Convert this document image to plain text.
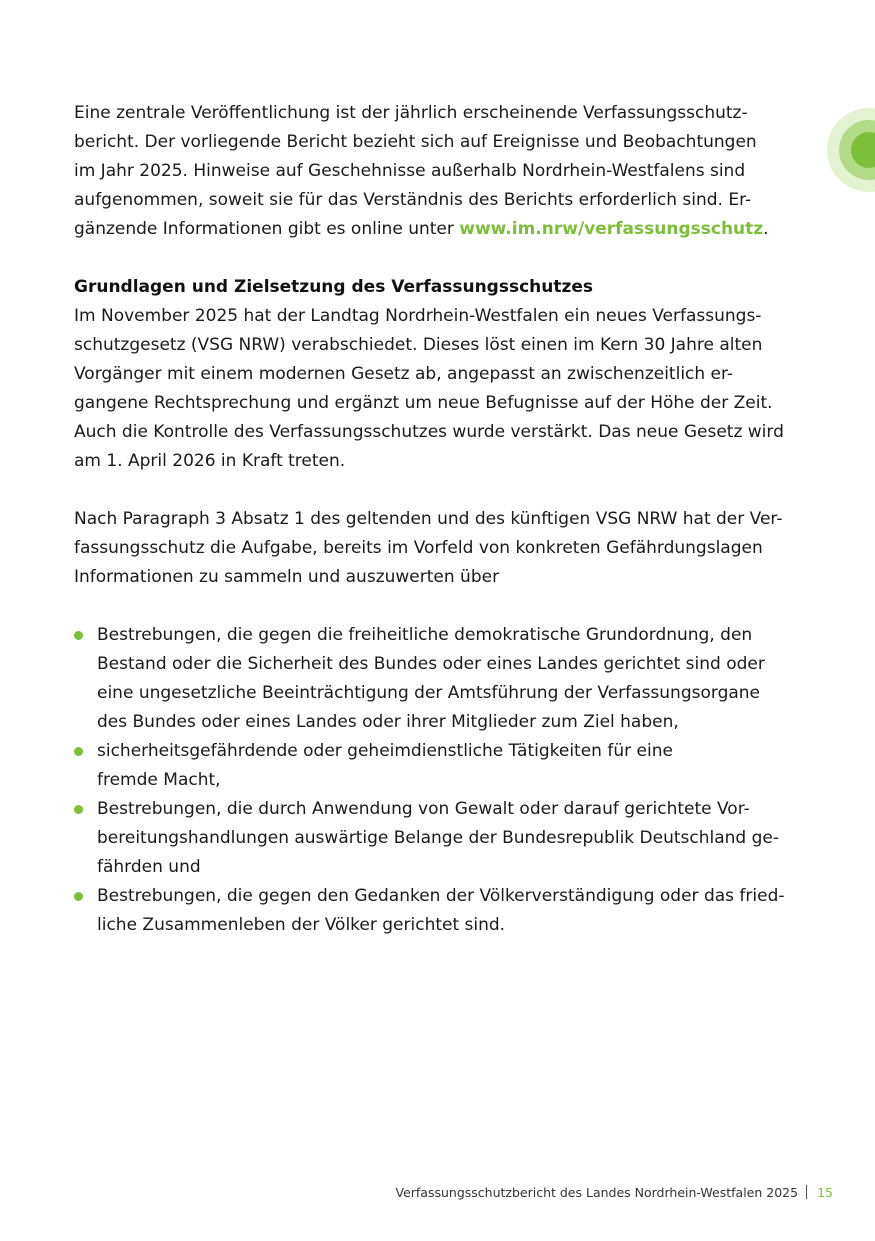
Eine zentrale Veröffentlichung ist der jährlich erscheinende Verfassungsschutz-
bericht. Der vorliegende Bericht bezieht sich auf Ereignisse und Beobachtungen
im Jahr 2025. Hinweise auf Geschehnisse außerhalb Nordrhein-Westfalens sind
aufgenommen, soweit sie für das Verständnis des Berichts erforderlich sind. Er-
gänzende Informationen gibt es online unter www.im.nrw/verfassungsschutz.

Grundlagen und Zielsetzung des Verfassungsschutzes

Im November 2025 hat der Landtag Nordrhein-Westfalen ein neues Verfassungs-
schutzgesetz (VSG NRW) verabschiedet. Dieses löst einen im Kern 30 Jahre alten
Vorgänger mit einem modernen Gesetz ab, angepasst an zwischenzeitlich er-
gangene Rechtsprechung und ergänzt um neue Befugnisse auf der Höhe der Zeit.
Auch die Kontrolle des Verfassungsschutzes wurde verstärkt. Das neue Gesetz wird
am 1. April 2026 in Kraft treten.

Nach Paragraph 3 Absatz 1 des geltenden und des künftigen VSG NRW hat der Ver-
fassungsschutz die Aufgabe, bereits im Vorfeld von konkreten Gefährdungslagen
Informationen zu sammeln und auszuwerten über

Bestrebungen, die gegen die freiheitliche demokratische Grundordnung, den
Bestand oder die Sicherheit des Bundes oder eines Landes gerichtet sind oder
eine ungesetzliche Beeinträchtigung der Amtsführung der Verfassungsorgane
des Bundes oder eines Landes oder ihrer Mitglieder zum Ziel haben,
sicherheitsgefährdende oder geheimdienstliche Tätigkeiten für eine
fremde Macht,
Bestrebungen, die durch Anwendung von Gewalt oder darauf gerichtete Vor-
bereitungshandlungen auswärtige Belange der Bundesrepublik Deutschland ge-
fährden und
Bestrebungen, die gegen den Gedanken der Völkerverständigung oder das fried-
liche Zusammenleben der Völker gerichtet sind.
Verfassungsschutzbericht des Landes Nordrhein-Westfalen 2025 15
